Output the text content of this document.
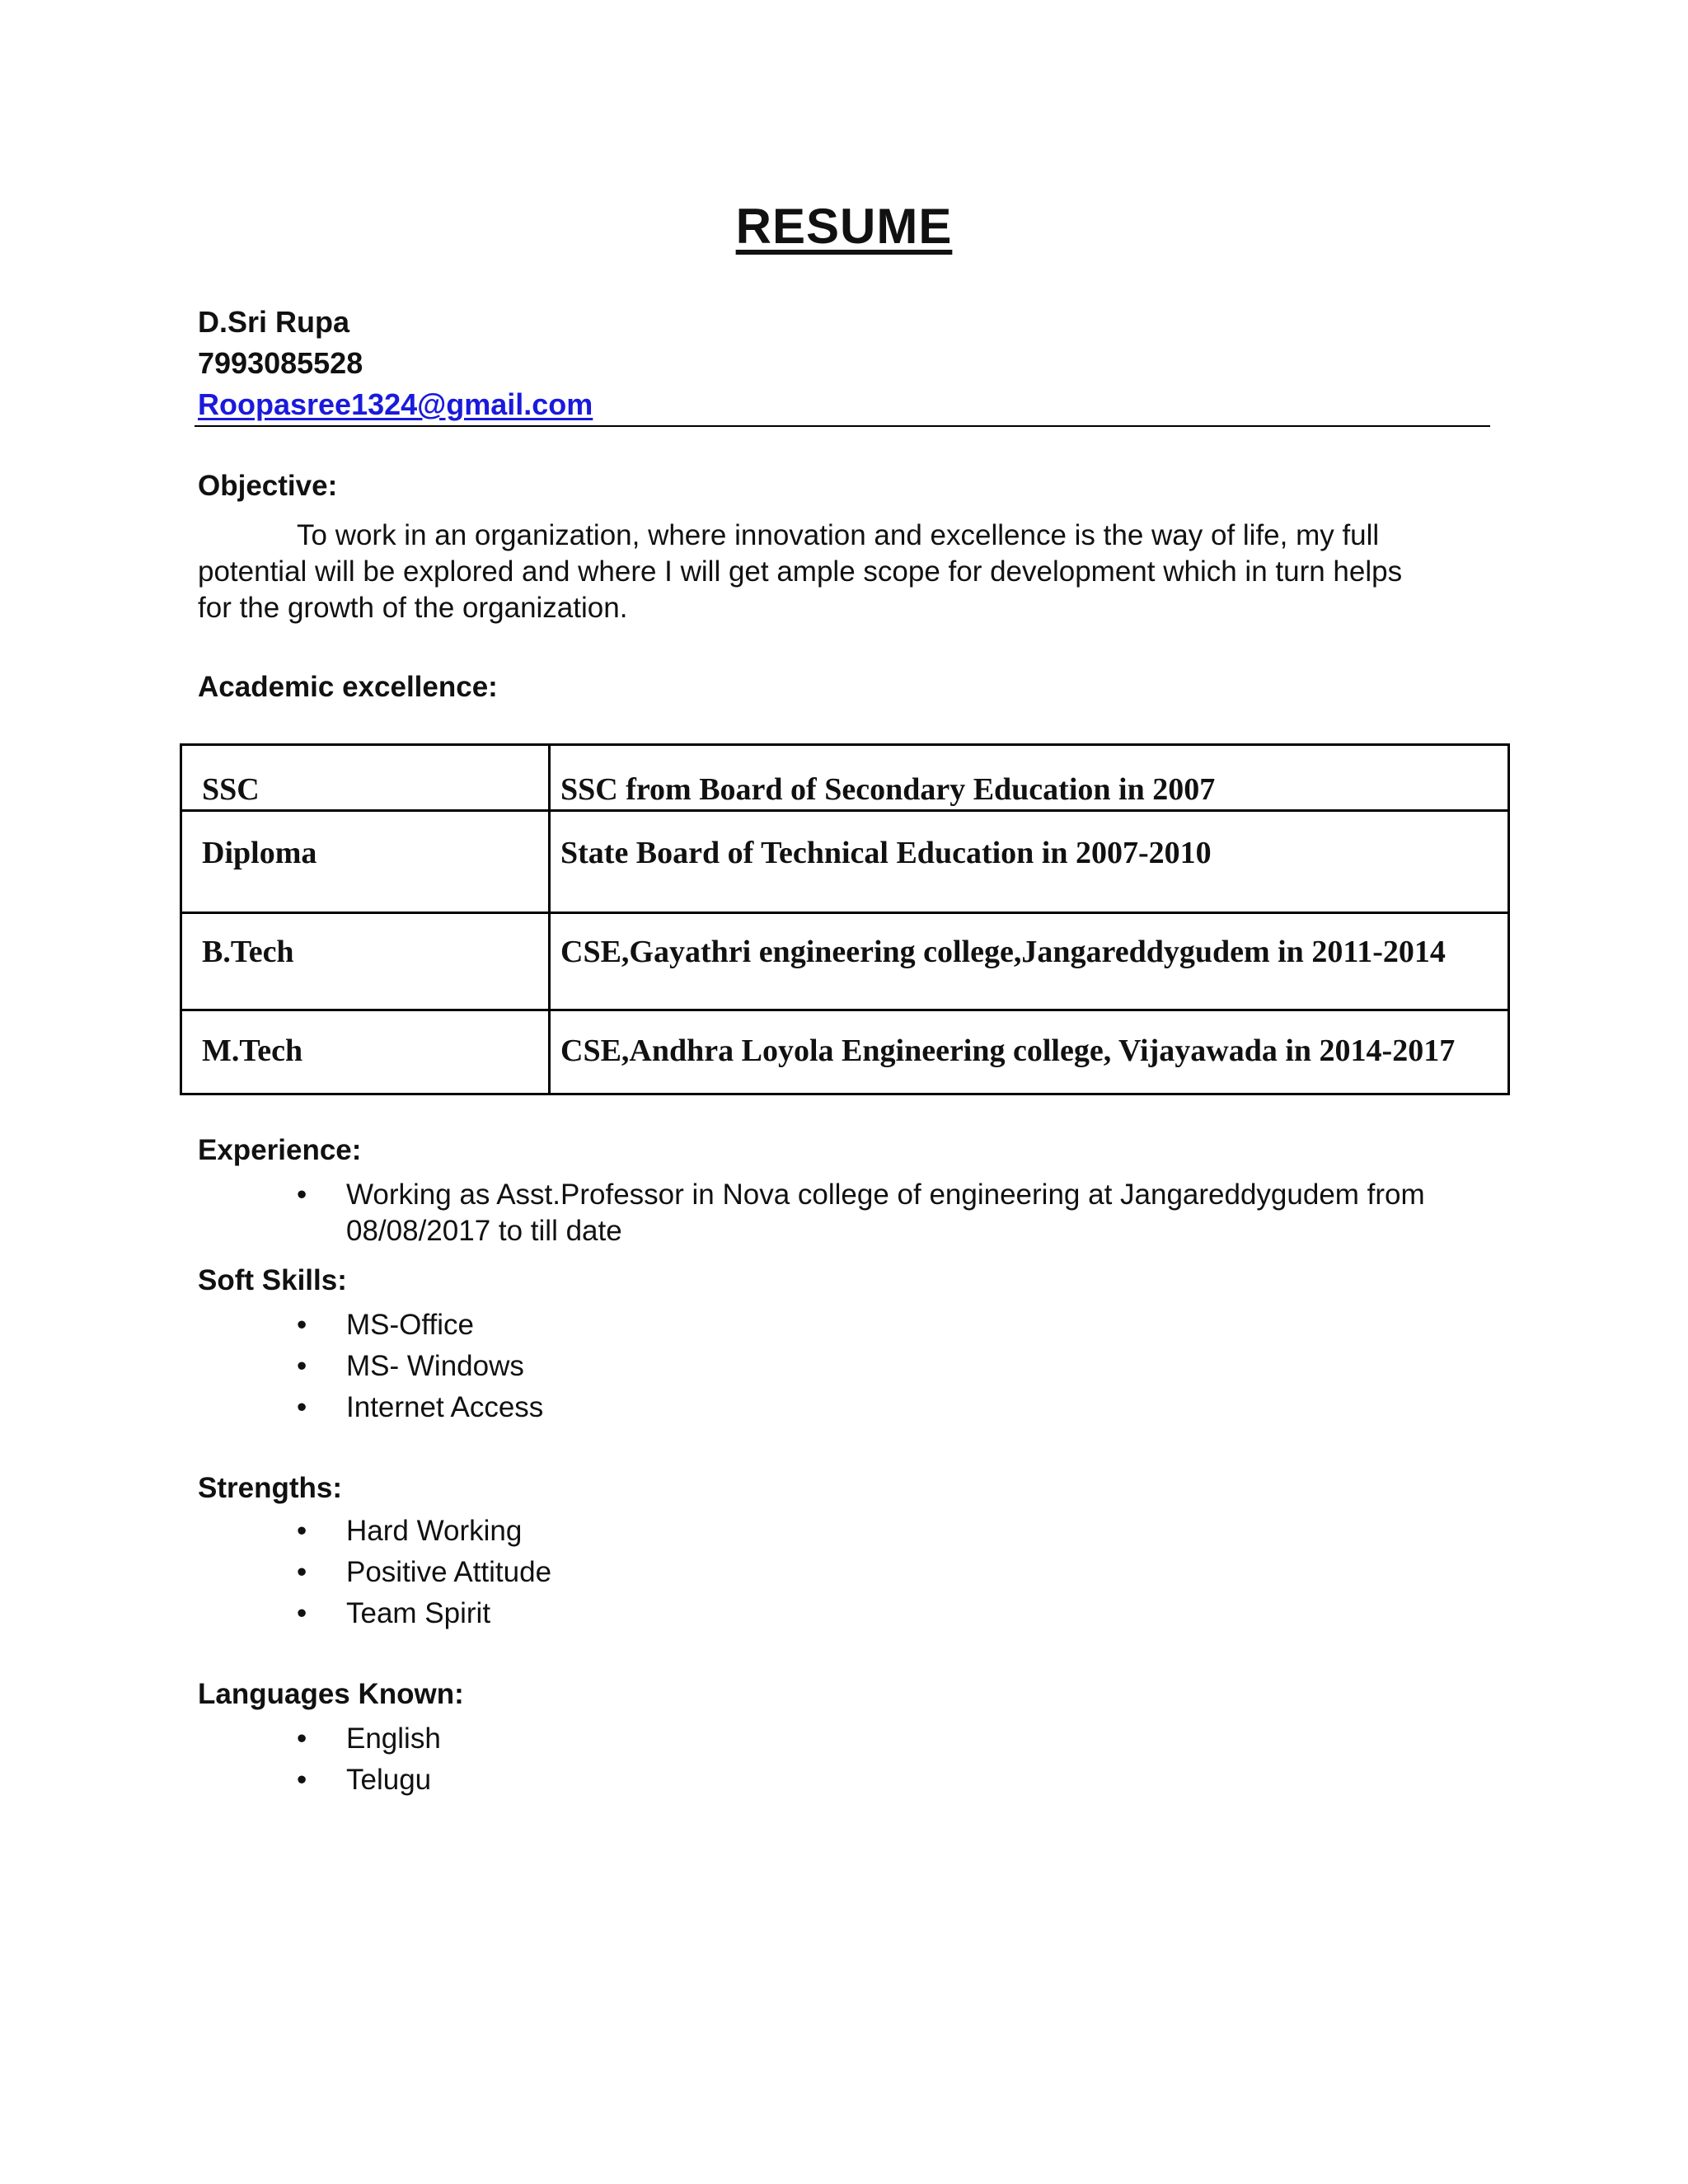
RESUME
D.Sri Rupa
7993085528
Roopasree1324@gmail.com
Objective:
To work in an organization, where innovation and excellence is the way of life, my full potential will be explored and where I will get ample scope for development which in turn helps for the growth of the organization.
Academic excellence:
SSC	SSC from Board of Secondary Education in 2007
Diploma	State Board of Technical Education in 2007-2010
B.Tech	CSE,Gayathri engineering college,Jangareddygudem in 2011-2014
M.Tech	CSE,Andhra Loyola Engineering college, Vijayawada in 2014-2017
Experience:
• Working as Asst.Professor in Nova college of engineering at Jangareddygudem from 08/08/2017 to till date
Soft Skills:
• MS-Office
• MS- Windows
• Internet Access
Strengths:
• Hard Working
• Positive Attitude
• Team Spirit
Languages Known:
• English
• Telugu
